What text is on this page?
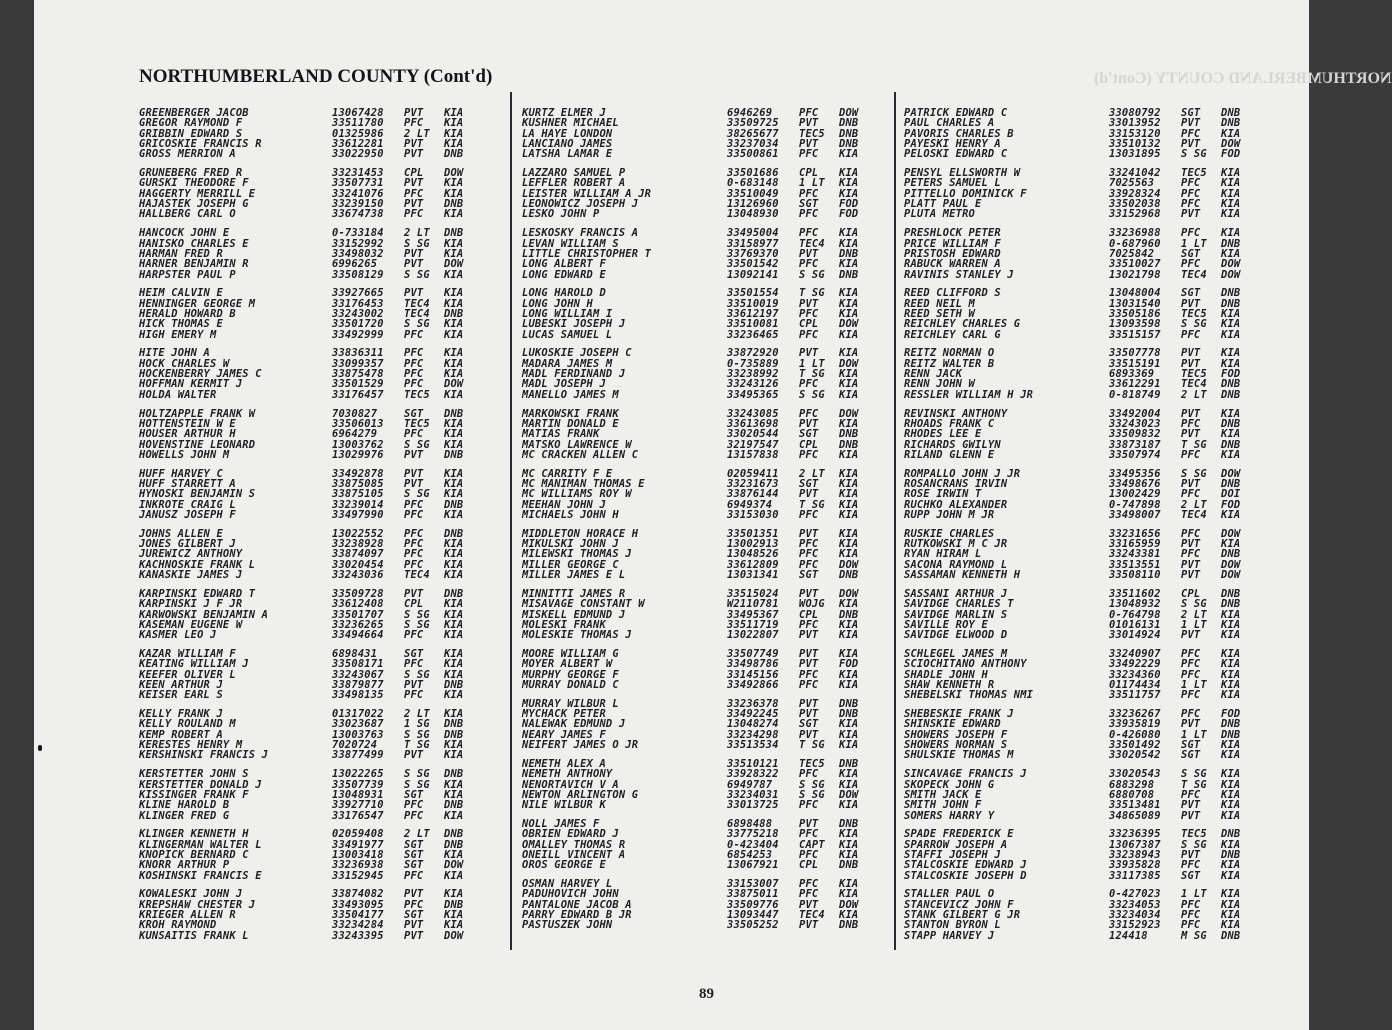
NORTHUMBERLAND COUNTY (Cont'd)
NORTHUMBERLAND COUNTY (Cont'd)
GREENBERGER JACOB	13067428	PVT	KIA
GREGOR RAYMOND F	33511780	PFC	KIA
GRIBBIN EDWARD S	01325986	2 LT	KIA
GRICOSKIE FRANCIS R	33612281	PVT	KIA
GROSS MERRION A	33022950	PVT	DNB
GRUNEBERG FRED R	33231453	CPL	DOW
GURSKI THEODORE F	33507731	PVT	KIA
HAGGERTY MERRILL E	33241076	PFC	KIA
HAJASTEK JOSEPH G	33239150	PVT	DNB
HALLBERG CARL O	33674738	PFC	KIA
HANCOCK JOHN E	0-733184	2 LT	DNB
HANISKO CHARLES E	33152992	S SG	KIA
HARMAN FRED R	33498032	PVT	KIA
HARNER BENJAMIN R	6996265	PVT	DOW
HARPSTER PAUL P	33508129	S SG	KIA
HEIM CALVIN E	33927665	PVT	KIA
HENNINGER GEORGE M	33176453	TEC4	KIA
HERALD HOWARD B	33243002	TEC4	DNB
HICK THOMAS E	33501720	S SG	KIA
HIGH EMERY M	33492999	PFC	KIA
HITE JOHN A	33836311	PFC	KIA
HOCK CHARLES W	33099357	PFC	KIA
HOCKENBERRY JAMES C	33875478	PFC	KIA
HOFFMAN KERMIT J	33501529	PFC	DOW
HOLDA WALTER	33176457	TEC5	KIA
HOLTZAPPLE FRANK W	7030827	SGT	DNB
HOTTENSTEIN W E	33506013	TEC5	KIA
HOUSER ARTHUR H	6964279	PFC	KIA
HOVENSTINE LEONARD	13003762	S SG	KIA
HOWELLS JOHN M	13029976	PVT	DNB
HUFF HARVEY C	33492878	PVT	KIA
HUFF STARRETT A	33875085	PVT	KIA
HYNOSKI BENJAMIN S	33875105	S SG	KIA
INKROTE CRAIG L	33239014	PFC	DNB
JANUSZ JOSEPH F	33497990	PFC	KIA
JOHNS ALLEN E	13022552	PFC	DNB
JONES GILBERT J	33238928	PFC	KIA
JUREWICZ ANTHONY	33874097	PFC	KIA
KACHNOSKIE FRANK L	33020454	PFC	KIA
KANASKIE JAMES J	33243036	TEC4	KIA
KARPINSKI EDWARD T	33509728	PVT	DNB
KARPINSKI J F JR	33612408	CPL	KIA
KARWOWSKI BENJAMIN A	33501707	S SG	KIA
KASEMAN EUGENE W	33236265	S SG	KIA
KASMER LEO J	33494664	PFC	KIA
KAZAR WILLIAM F	6898431	SGT	KIA
KEATING WILLIAM J	33508171	PFC	KIA
KEEFER OLIVER L	33243067	S SG	KIA
KEEN ARTHUR J	33879877	PVT	DNB
KEISER EARL S	33498135	PFC	KIA
KELLY FRANK J	01317022	2 LT	KIA
KELLY ROULAND M	33023687	1 SG	DNB
KEMP ROBERT A	13003763	S SG	DNB
KERESTES HENRY M	7020724	T SG	KIA
KERSHINSKI FRANCIS J	33877499	PVT	KIA
KERSTETTER JOHN S	13022265	S SG	DNB
KERSTETTER DONALD J	33507739	S SG	KIA
KISSINGER FRANK F	13048931	SGT	KIA
KLINE HAROLD B	33927710	PFC	DNB
KLINGER FRED G	33176547	PFC	KIA
KLINGER KENNETH H	02059408	2 LT	DNB
KLINGERMAN WALTER L	33491977	SGT	DNB
KNOPICK BERNARD C	13003418	SGT	KIA
KNORR ARTHUR P	33236938	SGT	DOW
KOSHINSKI FRANCIS E	33152945	PFC	KIA
KOWALESKI JOHN J	33874082	PVT	KIA
KREPSHAW CHESTER J	33493095	PFC	DNB
KRIEGER ALLEN R	33504177	SGT	KIA
KROH RAYMOND	33234284	PVT	KIA
KUNSAITIS FRANK L	33243395	PVT	DOW
KURTZ ELMER J	6946269	PFC	DOW
KUSHNER MICHAEL	33509725	PVT	DNB
LA HAYE LONDON	38265677	TEC5	DNB
LANCIANO JAMES	33237034	PVT	DNB
LATSHA LAMAR E	33500861	PFC	KIA
LAZZARO SAMUEL P	33501686	CPL	KIA
LEFFLER ROBERT A	0-683148	1 LT	KIA
LEISTER WILLIAM A JR	33510049	PFC	KIA
LEONOWICZ JOSEPH J	13126960	SGT	FOD
LESKO JOHN P	13048930	PFC	FOD
LESKOSKY FRANCIS A	33495004	PFC	KIA
LEVAN WILLIAM S	33158977	TEC4	KIA
LITTLE CHRISTOPHER T	33769370	PVT	DNB
LONG ALBERT F	33501542	PFC	KIA
LONG EDWARD E	13092141	S SG	DNB
LONG HAROLD D	33501554	T SG	KIA
LONG JOHN H	33510019	PVT	KIA
LONG WILLIAM I	33612197	PFC	KIA
LUBESKI JOSEPH J	33510081	CPL	DOW
LUCAS SAMUEL L	33236465	PFC	KIA
LUKOSKIE JOSEPH C	33872920	PVT	KIA
MADARA JAMES M	0-735889	1 LT	DOW
MADL FERDINAND J	33238992	T SG	KIA
MADL JOSEPH J	33243126	PFC	KIA
MANELLO JAMES M	33495365	S SG	KIA
MARKOWSKI FRANK	33243085	PFC	DOW
MARTIN DONALD E	33613698	PVT	KIA
MATIAS FRANK	33020544	SGT	DNB
MATSKO LAWRENCE W	32197547	CPL	DNB
MC CRACKEN ALLEN C	13157838	PFC	KIA
MC CARRITY F E	02059411	2 LT	KIA
MC MANIMAN THOMAS E	33231673	SGT	KIA
MC WILLIAMS ROY W	33876144	PVT	KIA
MEEHAN JOHN J	6949374	T SG	KIA
MICHAELS JOHN H	33153030	PFC	KIA
MIDDLETON HORACE H	33501351	PVT	KIA
MIKULSKI JOHN J	13002913	PFC	KIA
MILEWSKI THOMAS J	13048526	PFC	KIA
MILLER GEORGE C	33612809	PFC	DOW
MILLER JAMES E L	13031341	SGT	DNB
MINNITTI JAMES R	33515024	PVT	DOW
MISAVAGE CONSTANT W	W2110781	WOJG	KIA
MISKELL EDMUND J	33495367	CPL	DNB
MOLESKI FRANK	33511719	PFC	KIA
MOLESKIE THOMAS J	13022807	PVT	KIA
MOORE WILLIAM G	33507749	PVT	KIA
MOYER ALBERT W	33498786	PVT	FOD
MURPHY GEORGE F	33145156	PFC	KIA
MURRAY DONALD C	33492866	PFC	KIA
MURRAY WILBUR L	33236378	PVT	DNB
MYCHACK PETER	33492245	PVT	DNB
NALEWAK EDMUND J	13048274	SGT	KIA
NEARY JAMES F	33234298	PVT	KIA
NEIFERT JAMES O JR	33513534	T SG	KIA
NEMETH ALEX A	33510121	TEC5	DNB
NEMETH ANTHONY	33928322	PFC	KIA
NENORTAVICH V A	6949787	S SG	KIA
NEWTON ARLINGTON G	33234031	S SG	DOW
NILE WILBUR K	33013725	PFC	KIA
NOLL JAMES F	6898488	PVT	DNB
OBRIEN EDWARD J	33775218	PFC	KIA
OMALLEY THOMAS R	0-423404	CAPT	KIA
ONEILL VINCENT A	6854253	PFC	KIA
OROS GEORGE E	13067921	CPL	DNB
OSMAN HARVEY L	33153007	PFC	KIA
PADUHOVICH JOHN	33875011	PFC	KIA
PANTALONE JACOB A	33509776	PVT	DOW
PARRY EDWARD B JR	13093447	TEC4	KIA
PASTUSZEK JOHN	33505252	PVT	DNB
PATRICK EDWARD C	33080792	SGT	DNB
PAUL CHARLES A	33013952	PVT	DNB
PAVORIS CHARLES B	33153120	PFC	KIA
PAYESKI HENRY A	33510132	PVT	DOW
PELOSKI EDWARD C	13031895	S SG	FOD
PENSYL ELLSWORTH W	33241042	TEC5	KIA
PETERS SAMUEL L	7025563	PFC	KIA
PITTELLO DOMINICK F	33928324	PFC	KIA
PLATT PAUL E	33502038	PFC	KIA
PLUTA METRO	33152968	PVT	KIA
PRESHLOCK PETER	33236988	PFC	KIA
PRICE WILLIAM F	0-687960	1 LT	DNB
PRISTOSH EDWARD	7025842	SGT	KIA
RABUCK WARREN A	33510027	PFC	DOW
RAVINIS STANLEY J	13021798	TEC4	DOW
REED CLIFFORD S	13048004	SGT	DNB
REED NEIL M	13031540	PVT	DNB
REED SETH W	33505186	TEC5	KIA
REICHLEY CHARLES G	13093598	S SG	KIA
REICHLEY CARL G	33515157	PFC	KIA
REITZ NORMAN O	33507778	PVT	KIA
REITZ WALTER B	33515191	PVT	KIA
RENN JACK	6893369	TEC5	FOD
RENN JOHN W	33612291	TEC4	DNB
RESSLER WILLIAM H JR	0-818749	2 LT	DNB
REVINSKI ANTHONY	33492004	PVT	KIA
RHOADS FRANK C	33243023	PFC	DNB
RHODES LEE E	33509832	PVT	KIA
RICHARDS GWILYN	33873187	T SG	DNB
RILAND GLENN E	33507974	PFC	KIA
ROMPALLO JOHN J JR	33495356	S SG	DOW
ROSANCRANS IRVIN	33498676	PVT	DNB
ROSE IRWIN T	13002429	PFC	DOI
RUCHKO ALEXANDER	0-747898	2 LT	FOD
RUPP JOHN M JR	33498007	TEC4	KIA
RUSKIE CHARLES	33231656	PFC	DOW
RUTKOWSKI M C JR	33165959	PVT	KIA
RYAN HIRAM L	33243381	PFC	DNB
SACONA RAYMOND L	33513551	PVT	DOW
SASSAMAN KENNETH H	33508110	PVT	DOW
SASSANI ARTHUR J	33511602	CPL	DNB
SAVIDGE CHARLES T	13048932	S SG	DNB
SAVIDGE MARLIN S	0-764798	2 LT	KIA
SAVILLE ROY E	01016131	1 LT	KIA
SAVIDGE ELWOOD D	33014924	PVT	KIA
SCHLEGEL JAMES M	33240907	PFC	KIA
SCIOCHITANO ANTHONY	33492229	PFC	KIA
SHADLE JOHN H	33234360	PFC	KIA
SHAW KENNETH R	01174434	1 LT	KIA
SHEBELSKI THOMAS NMI	33511757	PFC	KIA
SHEBESKIE FRANK J	33236267	PFC	FOD
SHINSKIE EDWARD	33935819	PVT	DNB
SHOWERS JOSEPH F	0-426080	1 LT	DNB
SHOWERS NORMAN S	33501492	SGT	KIA
SHULSKIE THOMAS M	33020542	SGT	KIA
SINCAVAGE FRANCIS J	33020543	S SG	KIA
SKOPECK JOHN G	6883298	T SG	KIA
SMITH JACK E	6880708	PFC	KIA
SMITH JOHN F	33513481	PVT	KIA
SOMERS HARRY Y	34865089	PVT	KIA
SPADE FREDERICK E	33236395	TEC5	DNB
SPARROW JOSEPH A	13067387	S SG	KIA
STAFFI JOSEPH J	33238943	PVT	DNB
STALCOSKIE EDWARD J	33935828	PFC	KIA
STALCOSKIE JOSEPH D	33117385	SGT	KIA
STALLER PAUL O	0-427023	1 LT	KIA
STANCEVICZ JOHN F	33234053	PFC	KIA
STANK GILBERT G JR	33234034	PFC	KIA
STANTON BYRON L	33152923	PFC	KIA
STAPP HARVEY J	124418	M SG	DNB
89
